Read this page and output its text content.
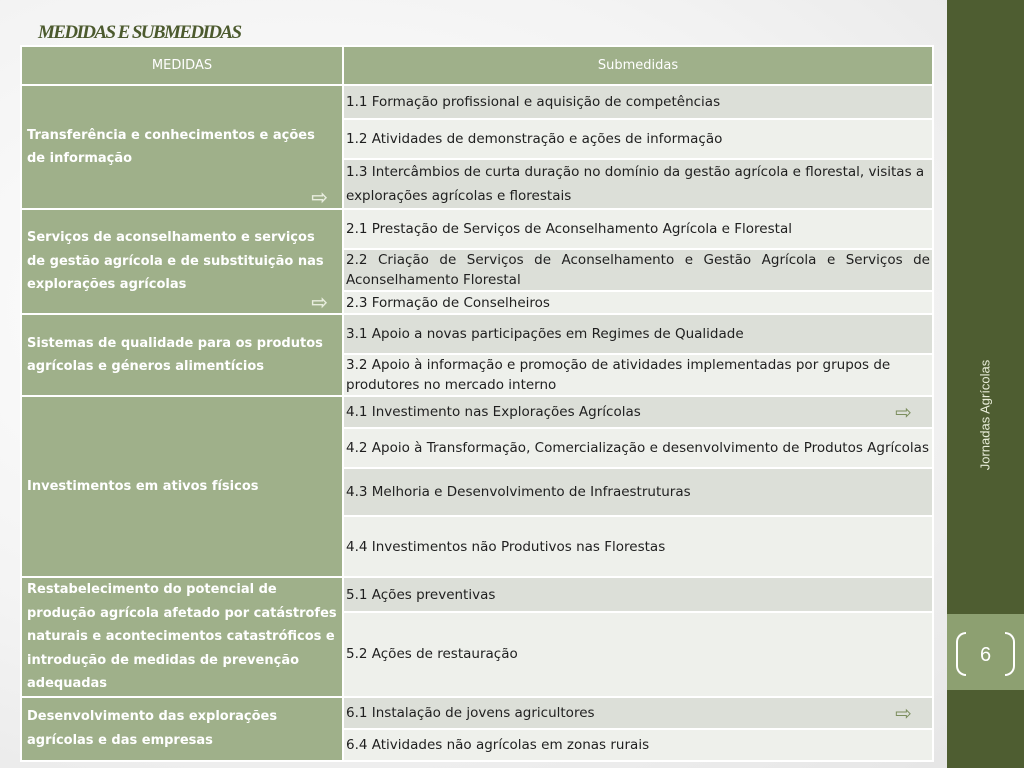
MEDIDAS E SUBMEDIDAS
Jornadas Agrícolas
6
MEDIDAS	Submedidas
Transferência e conhecimentos e ações de informação
⇨	1.1 Formação profissional e aquisição de competências
	1.2 Atividades de demonstração e ações de informação
	1.3 Intercâmbios de curta duração no domínio da gestão agrícola e florestal, visitas a explorações agrícolas e florestais
Serviços de aconselhamento e serviços de gestão agrícola e de substituição nas explorações agrícolas
⇨	2.1 Prestação de Serviços de Aconselhamento Agrícola e Florestal
	2.2 Criação de Serviços de Aconselhamento e Gestão Agrícola e Serviços de Aconselhamento Florestal
	2.3 Formação de Conselheiros
Sistemas de qualidade para os produtos agrícolas e géneros alimentícios	3.1 Apoio a novas participações em Regimes de Qualidade
	3.2 Apoio à informação e promoção de atividades implementadas por grupos de produtores no mercado interno
Investimentos em ativos físicos	4.1 Investimento nas Explorações Agrícolas ⇨

	4.2 Apoio à Transformação, Comercialização e desenvolvimento de Produtos Agrícolas
	4.3 Melhoria e Desenvolvimento de Infraestruturas
	4.4 Investimentos não Produtivos nas Florestas
Restabelecimento do potencial de produção agrícola afetado por catástrofes naturais e acontecimentos catastróficos e introdução de medidas de prevenção adequadas	5.1 Ações preventivas
	5.2 Ações de restauração
Desenvolvimento das explorações agrícolas e das empresas	6.1 Instalação de jovens agricultores ⇨

	6.4 Atividades não agrícolas em zonas rurais
